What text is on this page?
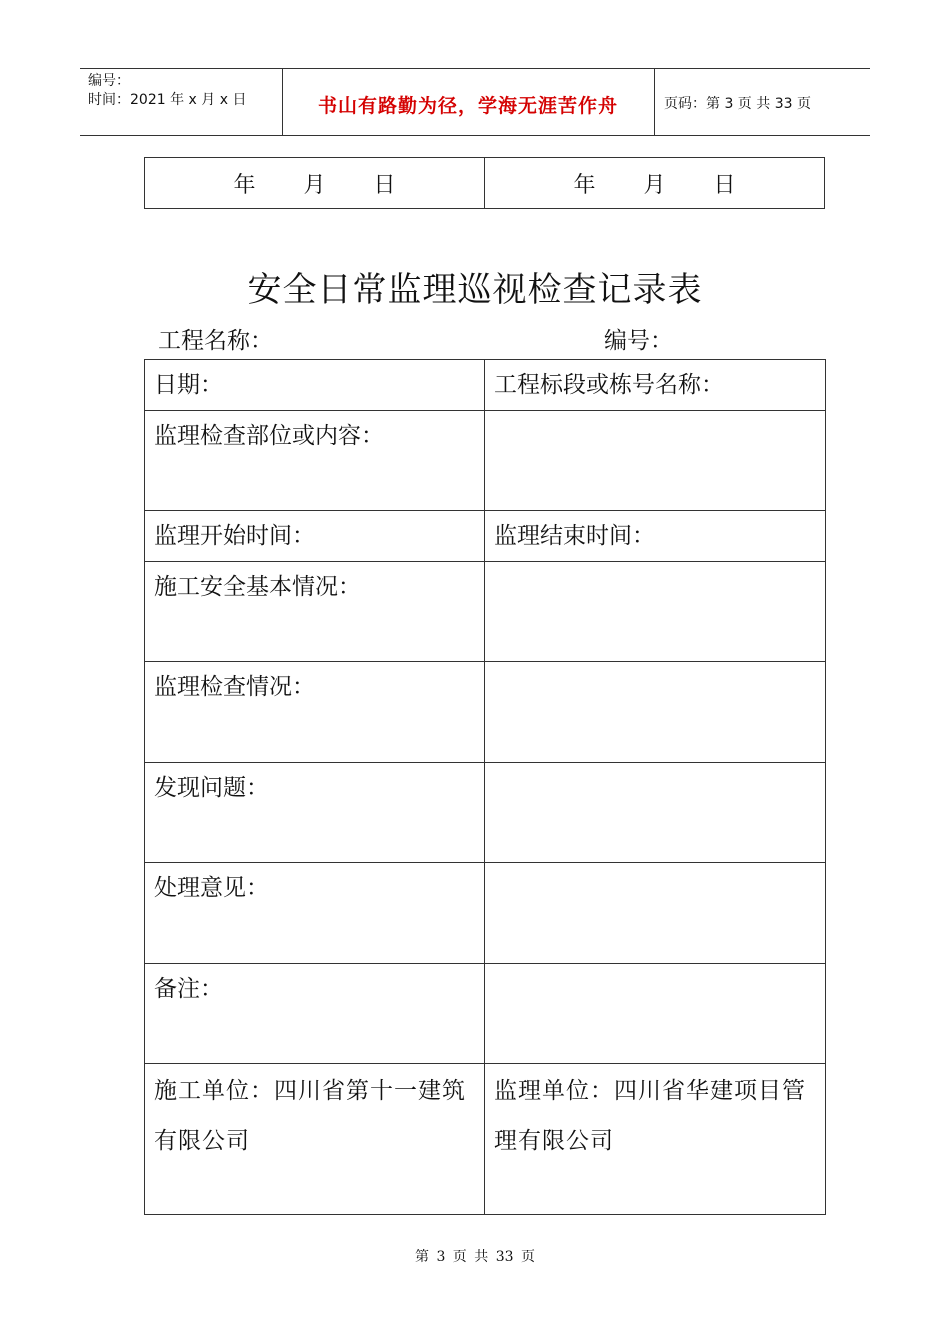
编号：
时间：2021 年 x 月 x 日	书山有路勤为径，学海无涯苦作舟	页码：第 3 页 共 33 页
年 月 日	年 月 日
安全日常监理巡视检查记录表
工程名称：	编号：
日期：	工程标段或栋号名称：
监理检查部位或内容：	
监理开始时间：	监理结束时间：
施工安全基本情况：	
监理检查情况：	
发现问题：	
处理意见：	
备注：	
施工单位：四川省第十一建筑有限公司	监理单位：四川省华建项目管理有限公司
第 3 页 共 33 页
